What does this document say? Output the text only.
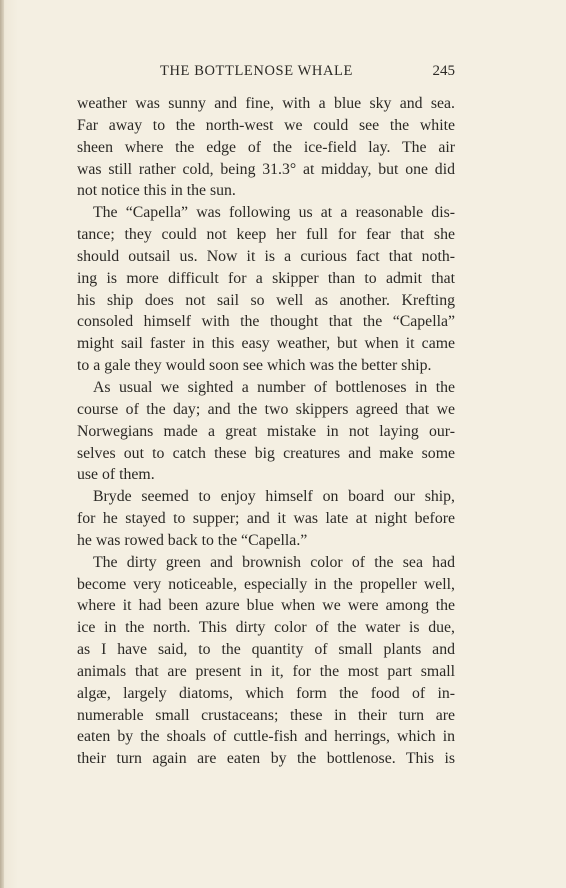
THE BOTTLENOSE WHALE	245
weather was sunny and fine, with a blue sky and sea.
Far away to the north-west we could see the white
sheen where the edge of the ice-field lay. The air
was still rather cold, being 31.3° at midday, but one did
not notice this in the sun.
The “Capella” was following us at a reasonable dis-
tance; they could not keep her full for fear that she
should outsail us. Now it is a curious fact that noth-
ing is more difficult for a skipper than to admit that
his ship does not sail so well as another. Krefting
consoled himself with the thought that the “Capella”
might sail faster in this easy weather, but when it came
to a gale they would soon see which was the better ship.
As usual we sighted a number of bottlenoses in the
course of the day; and the two skippers agreed that we
Norwegians made a great mistake in not laying our-
selves out to catch these big creatures and make some
use of them.
Bryde seemed to enjoy himself on board our ship,
for he stayed to supper; and it was late at night before
he was rowed back to the “Capella.”
The dirty green and brownish color of the sea had
become very noticeable, especially in the propeller well,
where it had been azure blue when we were among the
ice in the north. This dirty color of the water is due,
as I have said, to the quantity of small plants and
animals that are present in it, for the most part small
algæ, largely diatoms, which form the food of in-
numerable small crustaceans; these in their turn are
eaten by the shoals of cuttle-fish and herrings, which in
their turn again are eaten by the bottlenose. This is
